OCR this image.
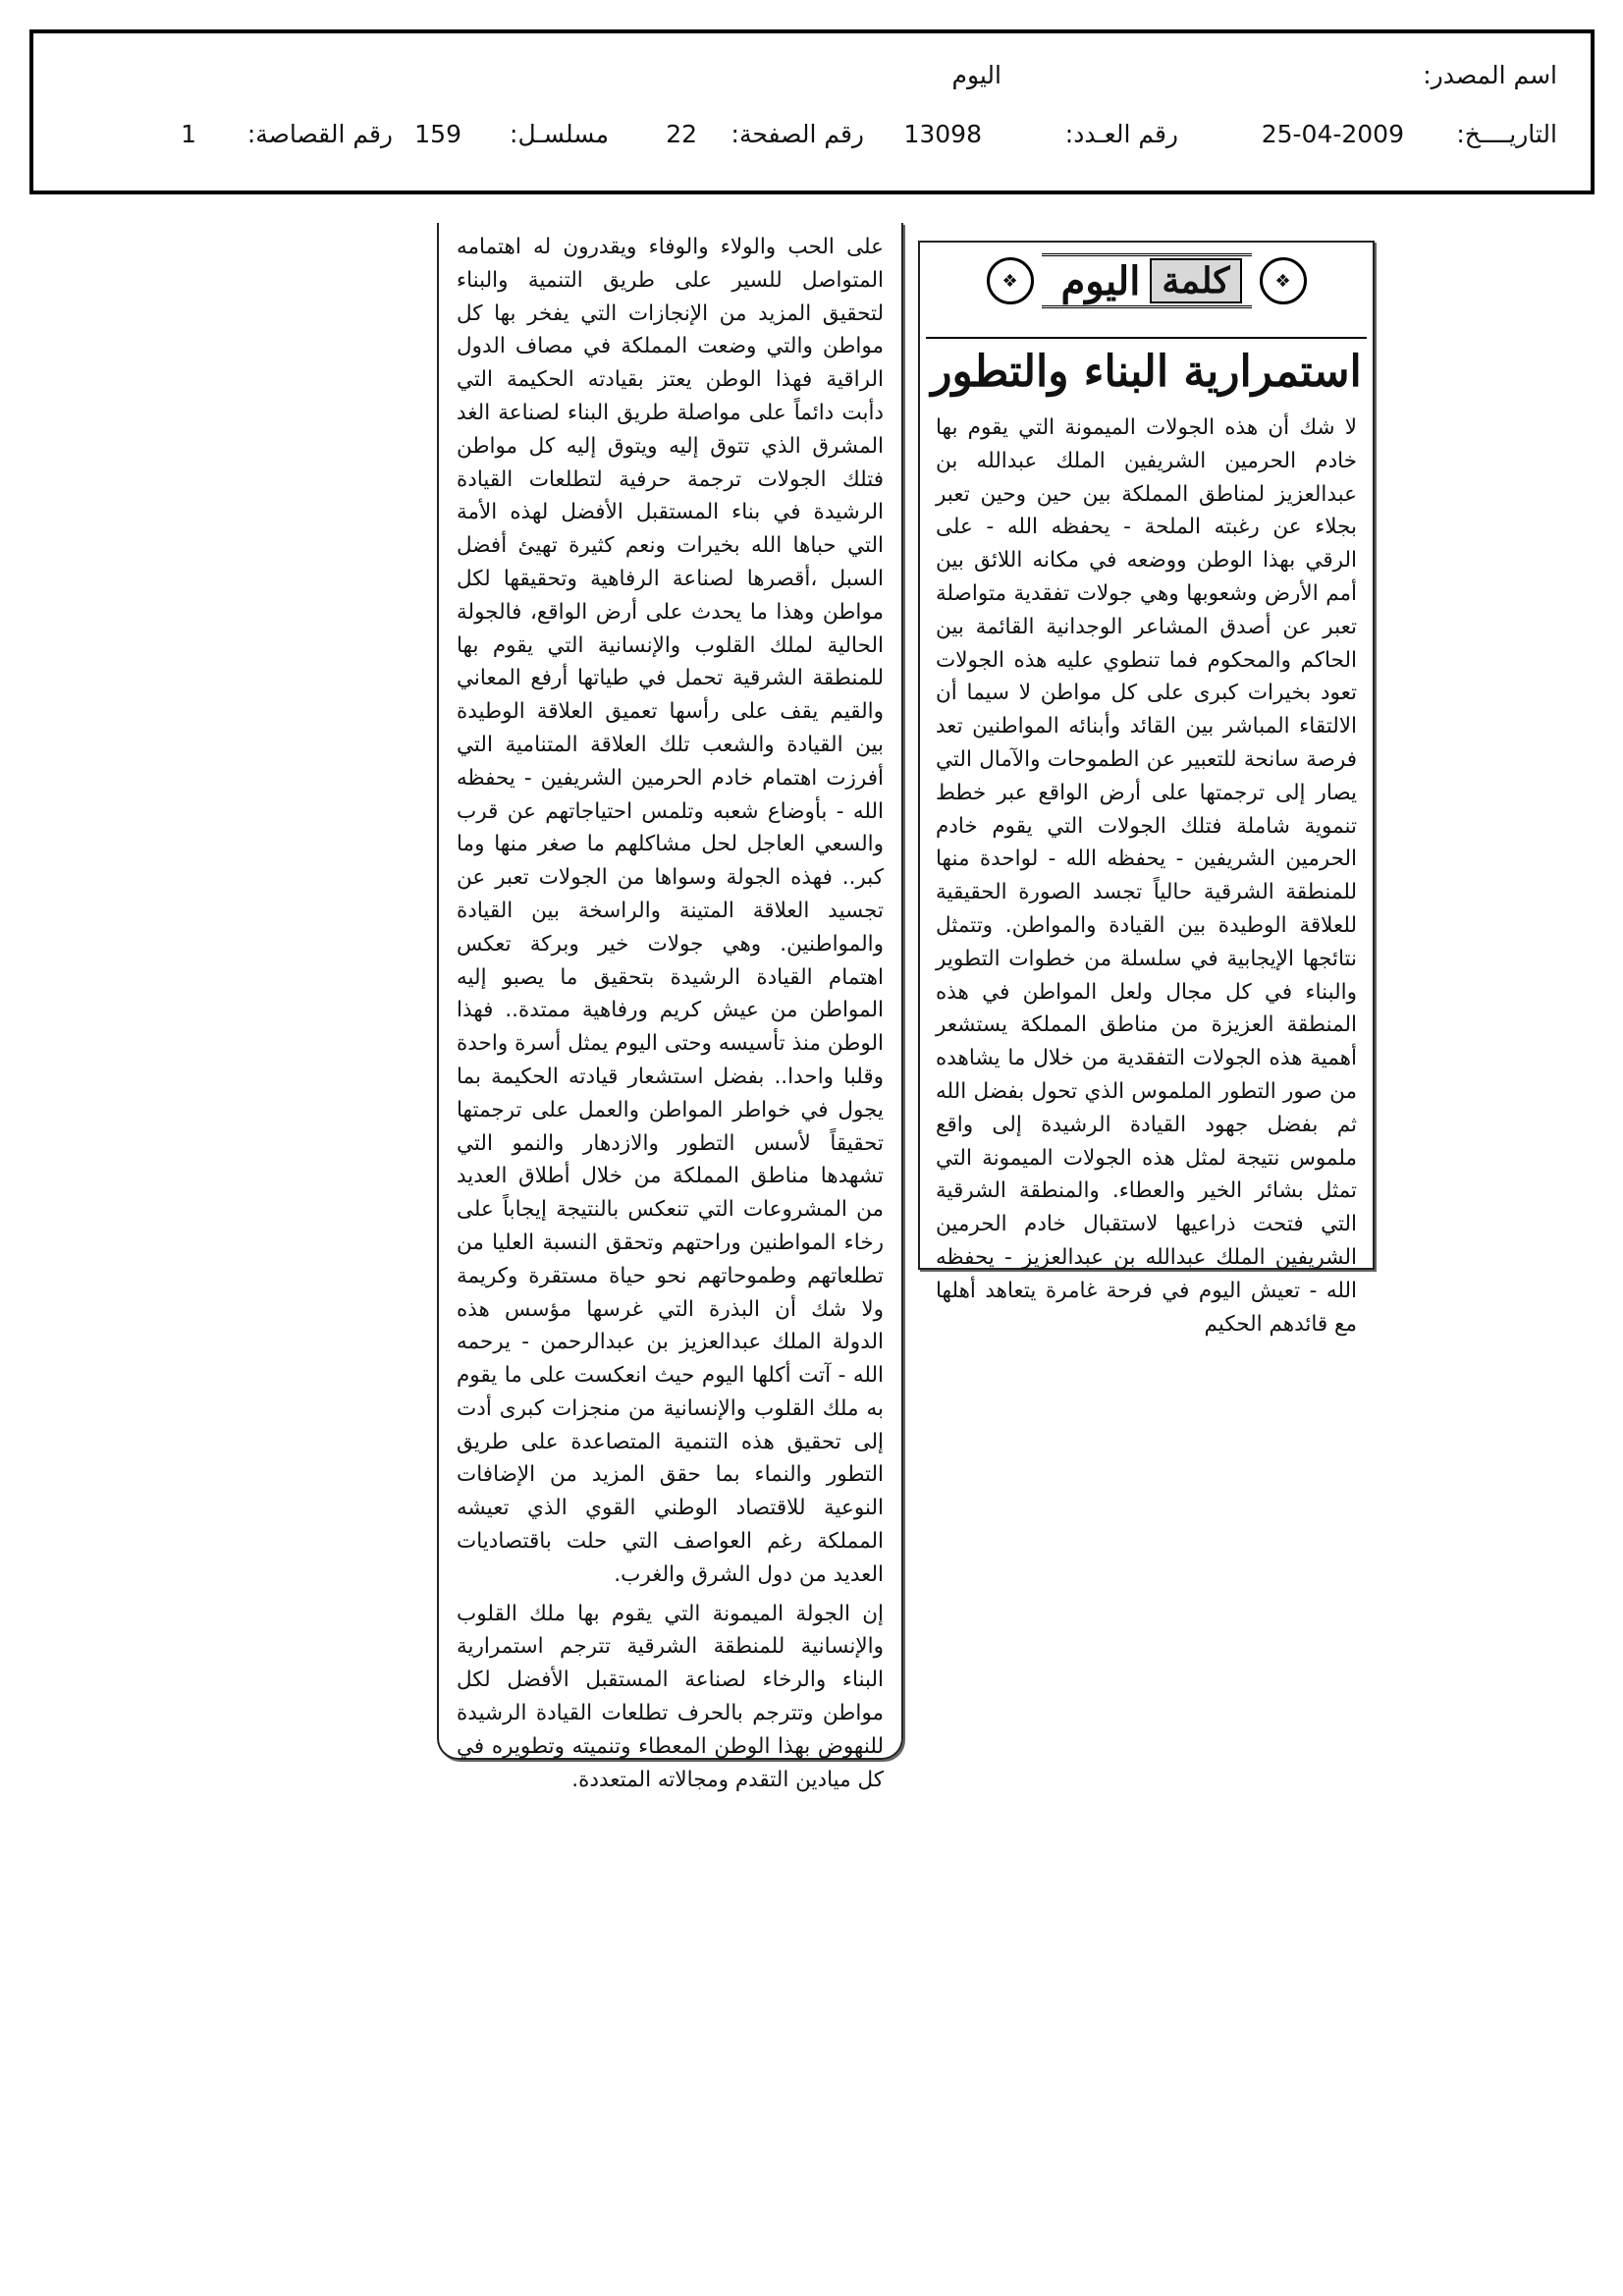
اسم المصدر:
اليوم
التاريــــخ:
25-04-2009
رقم العـدد:
13098
رقم الصفحة:
22
مسلسـل:
159
رقم القصاصة:
1
❖
كلمة
اليوم
❖
استمرارية البناء والتطور

لا شك أن هذه الجولات الميمونة التي يقوم بها خادم الحرمين الشريفين الملك عبدالله بن عبدالعزيز لمناطق المملكة بين حين وحين تعبر بجلاء عن رغبته الملحة - يحفظه الله - على الرقي بهذا الوطن ووضعه في مكانه اللائق بين أمم الأرض وشعوبها وهي جولات تفقدية متواصلة تعبر عن أصدق المشاعر الوجدانية القائمة بين الحاكم والمحكوم فما تنطوي عليه هذه الجولات تعود بخيرات كبرى على كل مواطن لا سيما أن الالتقاء المباشر بين القائد وأبنائه المواطنين تعد فرصة سانحة للتعبير عن الطموحات والآمال التي يصار إلى ترجمتها على أرض الواقع عبر خطط تنموية شاملة فتلك الجولات التي يقوم خادم الحرمين الشريفين - يحفظه الله - لواحدة منها للمنطقة الشرقية حالياً تجسد الصورة الحقيقية للعلاقة الوطيدة بين القيادة والمواطن. وتتمثل نتائجها الإيجابية في سلسلة من خطوات التطوير والبناء في كل مجال ولعل المواطن في هذه المنطقة العزيزة من مناطق المملكة يستشعر أهمية هذه الجولات التفقدية من خلال ما يشاهده من صور التطور الملموس الذي تحول بفضل الله ثم بفضل جهود القيادة الرشيدة إلى واقع ملموس نتيجة لمثل هذه الجولات الميمونة التي تمثل بشائر الخير والعطاء. والمنطقة الشرقية التي فتحت ذراعيها لاستقبال خادم الحرمين الشريفين الملك عبدالله بن عبدالعزيز - يحفظه الله - تعيش اليوم في فرحة غامرة يتعاهد أهلها مع قائدهم الحكيم

على الحب والولاء والوفاء ويقدرون له اهتمامه المتواصل للسير على طريق التنمية والبناء لتحقيق المزيد من الإنجازات التي يفخر بها كل مواطن والتي وضعت المملكة في مصاف الدول الراقية فهذا الوطن يعتز بقيادته الحكيمة التي دأبت دائماً على مواصلة طريق البناء لصناعة الغد المشرق الذي تتوق إليه ويتوق إليه كل مواطن فتلك الجولات ترجمة حرفية لتطلعات القيادة الرشيدة في بناء المستقبل الأفضل لهذه الأمة التي حباها الله بخيرات ونعم كثيرة تهيئ أفضل السبل ،أقصرها لصناعة الرفاهية وتحقيقها لكل مواطن وهذا ما يحدث على أرض الواقع، فالجولة الحالية لملك القلوب والإنسانية التي يقوم بها للمنطقة الشرقية تحمل في طياتها أرفع المعاني والقيم يقف على رأسها تعميق العلاقة الوطيدة بين القيادة والشعب تلك العلاقة المتنامية التي أفرزت اهتمام خادم الحرمين الشريفين - يحفظه الله - بأوضاع شعبه وتلمس احتياجاتهم عن قرب والسعي العاجل لحل مشاكلهم ما صغر منها وما كبر.. فهذه الجولة وسواها من الجولات تعبر عن تجسيد العلاقة المتينة والراسخة بين القيادة والمواطنين. وهي جولات خير وبركة تعكس اهتمام القيادة الرشيدة بتحقيق ما يصبو إليه المواطن من عيش كريم ورفاهية ممتدة.. فهذا الوطن منذ تأسيسه وحتى اليوم يمثل أسرة واحدة وقلبا واحدا.. بفضل استشعار قيادته الحكيمة بما يجول في خواطر المواطن والعمل على ترجمتها تحقيقاً لأسس التطور والازدهار والنمو التي تشهدها مناطق المملكة من خلال أطلاق العديد من المشروعات التي تنعكس بالنتيجة إيجاباً على رخاء المواطنين وراحتهم وتحقق النسبة العليا من تطلعاتهم وطموحاتهم نحو حياة مستقرة وكريمة ولا شك أن البذرة التي غرسها مؤسس هذه الدولة الملك عبدالعزيز بن عبدالرحمن - يرحمه الله - آتت أكلها اليوم حيث انعكست على ما يقوم به ملك القلوب والإنسانية من منجزات كبرى أدت إلى تحقيق هذه التنمية المتصاعدة على طريق التطور والنماء بما حقق المزيد من الإضافات النوعية للاقتصاد الوطني القوي الذي تعيشه المملكة رغم العواصف التي حلت باقتصاديات العديد من دول الشرق والغرب.

إن الجولة الميمونة التي يقوم بها ملك القلوب والإنسانية للمنطقة الشرقية تترجم استمرارية البناء والرخاء لصناعة المستقبل الأفضل لكل مواطن وتترجم بالحرف تطلعات القيادة الرشيدة للنهوض بهذا الوطن المعطاء وتنميته وتطويره في كل ميادين التقدم ومجالاته المتعددة.
